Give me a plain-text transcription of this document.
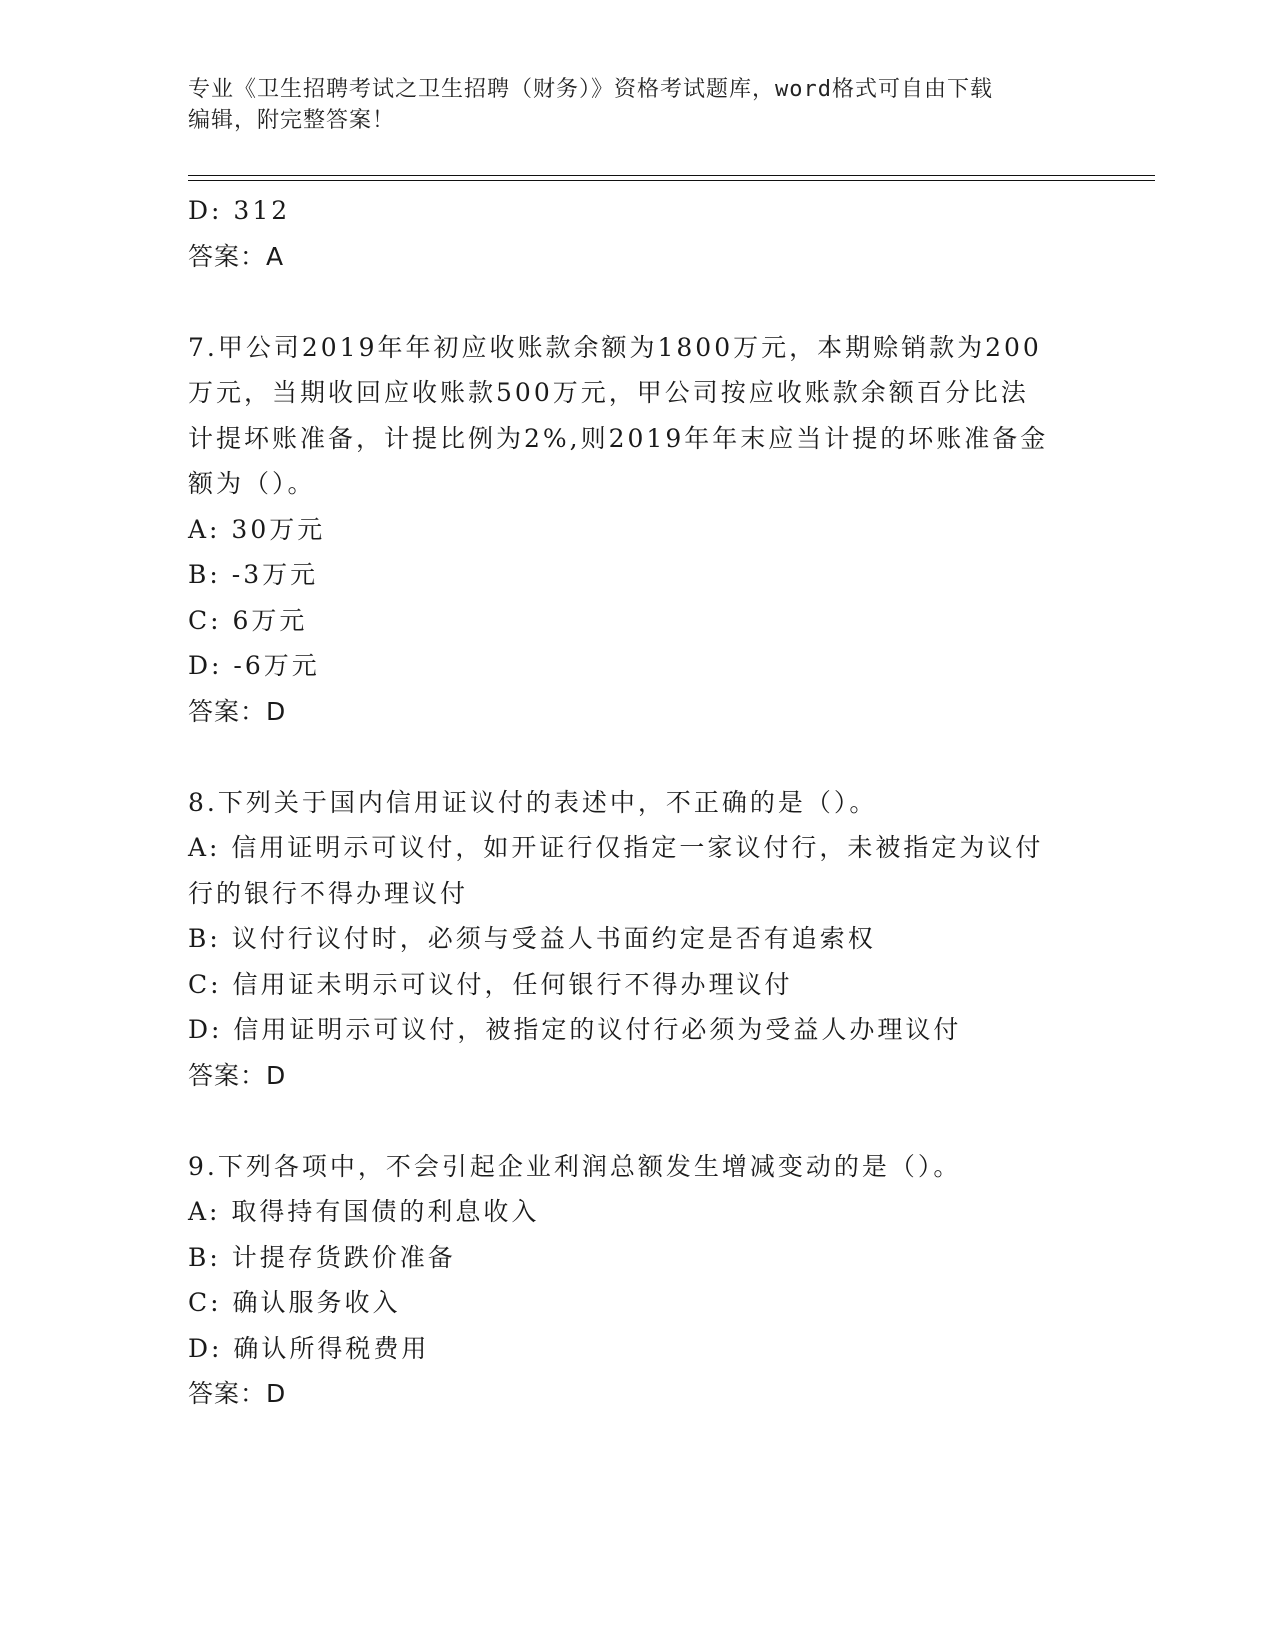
专业《卫生招聘考试之卫生招聘（财务）》资格考试题库，word格式可自由下载
编辑，附完整答案！
D: 312
答案：A
7.甲公司2019年年初应收账款余额为1800万元，本期赊销款为200
万元，当期收回应收账款500万元，甲公司按应收账款余额百分比法
计提坏账准备，计提比例为2%,则2019年年末应当计提的坏账准备金
额为（）。
A: 30万元
B: -3万元
C: 6万元
D: -6万元
答案：D
8.下列关于国内信用证议付的表述中，不正确的是（）。
A: 信用证明示可议付，如开证行仅指定一家议付行，未被指定为议付
行的银行不得办理议付
B: 议付行议付时，必须与受益人书面约定是否有追索权
C: 信用证未明示可议付，任何银行不得办理议付
D: 信用证明示可议付，被指定的议付行必须为受益人办理议付
答案：D
9.下列各项中，不会引起企业利润总额发生增减变动的是（）。
A: 取得持有国债的利息收入
B: 计提存货跌价准备
C: 确认服务收入
D: 确认所得税费用
答案：D
